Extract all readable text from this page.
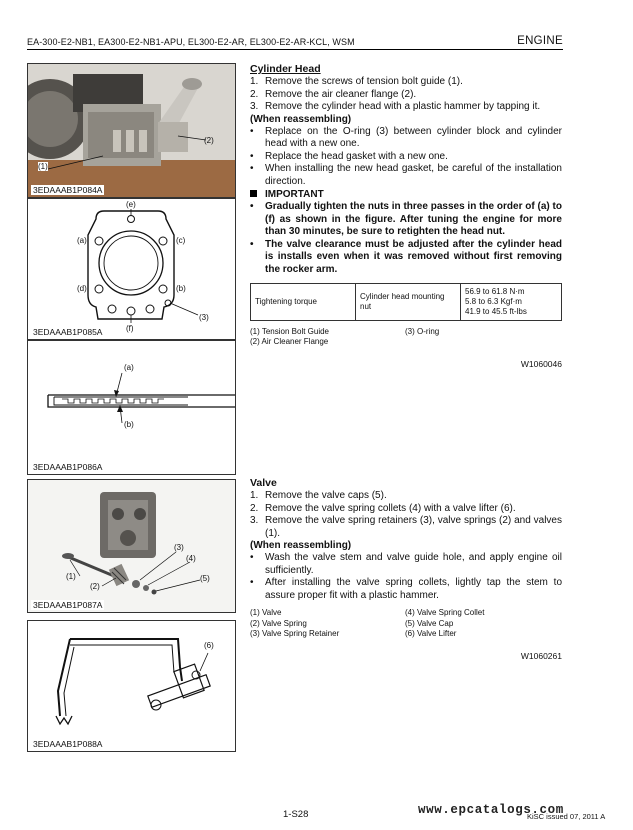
EA-300-E2-NB1, EA300-E2-NB1-APU, EL300-E2-AR, EL300-E2-AR-KCL, WSM	ENGINE
(1)
(2)
3EDAAAB1P084A
(e)
(a)	(c)
(d)	(b)
(3)
(f)
3EDAAAB1P085A
(a)
(b)
3EDAAAB1P086A
(3)
(4)
(5)
(1)
(2)
3EDAAAB1P087A
(6)
3EDAAAB1P088A
Cylinder Head
1. Remove the screws of tension bolt guide (1).
2. Remove the air cleaner flange (2).
3. Remove the cylinder head with a plastic hammer by tapping it.
(When reassembling)
• Replace on the O-ring (3) between cylinder block and cylinder head with a new one.
• Replace the head gasket with a new one.
• When installing the new head gasket, be careful of the installation direction.
IMPORTANT
• Gradually tighten the nuts in three passes in the order of (a) to (f) as shown in the figure. After tuning the engine for more than 30 minutes, be sure to retighten the head nut.
• The valve clearance must be adjusted after the cylinder head is installs even when it was removed without first removing the rocker arm.
Tightening torque	Cylinder head mounting nut	
56.9 to 61.8 N·m
5.8 to 6.3 Kgf·m
41.9 to 45.5 ft-lbs
(1) Tension Bolt Guide	(3) O-ring
(2) Air Cleaner Flange
W1060046
Valve
1. Remove the valve caps (5).
2. Remove the valve spring collets (4) with a valve lifter (6).
3. Remove the valve spring retainers (3), valve springs (2) and valves (1).
(When reassembling)
• Wash the valve stem and valve guide hole, and apply engine oil sufficiently.
• After installing the valve spring collets, lightly tap the stem to assure proper fit with a plastic hammer.
(1) Valve	(4) Valve Spring Collet
(2) Valve Spring	(5) Valve Cap
(3) Valve Spring Retainer	(6) Valve Lifter
W1060261
1-S28	www.epcatalogs.com
KiSC issued 07, 2011 A
